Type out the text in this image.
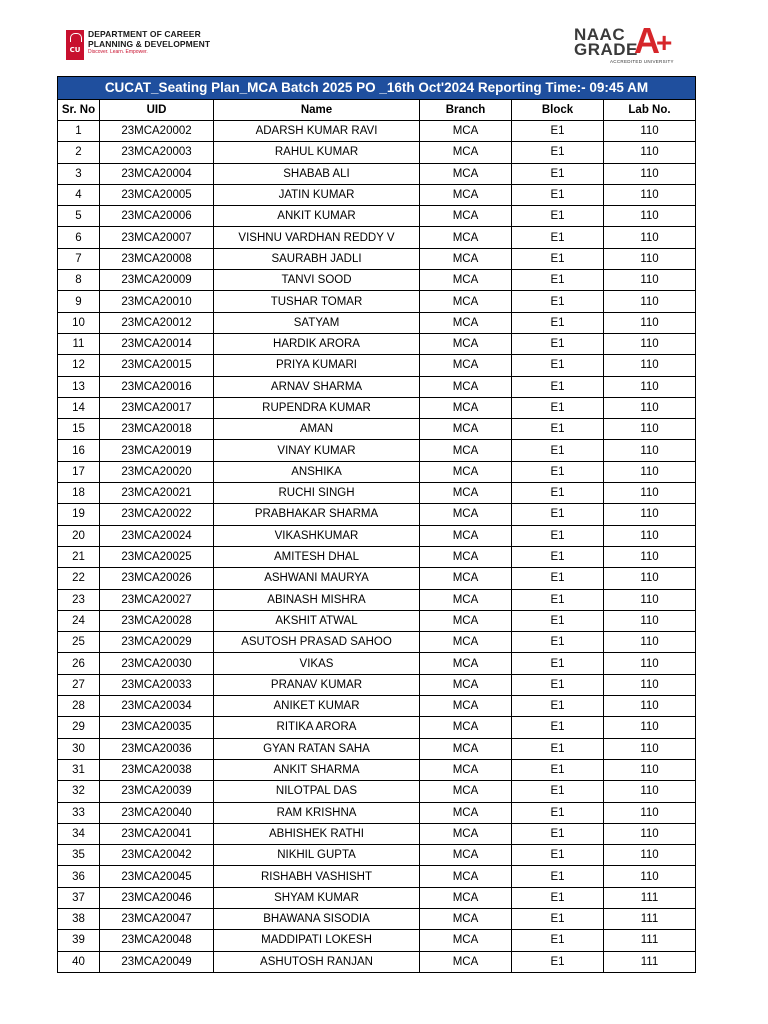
CU
DEPARTMENT OF CAREER
PLANNING & DEVELOPMENT
Discover. Learn. Empower.
NAAC
GRADE
A
+
ACCREDITED UNIVERSITY
CUCAT_Seating Plan_MCA Batch 2025 PO _16th Oct'2024 Reporting Time:- 09:45 AM					
Sr. No	UID	Name	Branch	Block	Lab No.
1	23MCA20002	ADARSH KUMAR RAVI	MCA	E1	110
2	23MCA20003	RAHUL KUMAR	MCA	E1	110
3	23MCA20004	SHABAB ALI	MCA	E1	110
4	23MCA20005	JATIN KUMAR	MCA	E1	110
5	23MCA20006	ANKIT KUMAR	MCA	E1	110
6	23MCA20007	VISHNU VARDHAN REDDY V	MCA	E1	110
7	23MCA20008	SAURABH JADLI	MCA	E1	110
8	23MCA20009	TANVI SOOD	MCA	E1	110
9	23MCA20010	TUSHAR TOMAR	MCA	E1	110
10	23MCA20012	SATYAM	MCA	E1	110
11	23MCA20014	HARDIK ARORA	MCA	E1	110
12	23MCA20015	PRIYA KUMARI	MCA	E1	110
13	23MCA20016	ARNAV SHARMA	MCA	E1	110
14	23MCA20017	RUPENDRA KUMAR	MCA	E1	110
15	23MCA20018	AMAN	MCA	E1	110
16	23MCA20019	VINAY KUMAR	MCA	E1	110
17	23MCA20020	ANSHIKA	MCA	E1	110
18	23MCA20021	RUCHI SINGH	MCA	E1	110
19	23MCA20022	PRABHAKAR SHARMA	MCA	E1	110
20	23MCA20024	VIKASHKUMAR	MCA	E1	110
21	23MCA20025	AMITESH DHAL	MCA	E1	110
22	23MCA20026	ASHWANI MAURYA	MCA	E1	110
23	23MCA20027	ABINASH MISHRA	MCA	E1	110
24	23MCA20028	AKSHIT ATWAL	MCA	E1	110
25	23MCA20029	ASUTOSH PRASAD SAHOO	MCA	E1	110
26	23MCA20030	VIKAS	MCA	E1	110
27	23MCA20033	PRANAV KUMAR	MCA	E1	110
28	23MCA20034	ANIKET KUMAR	MCA	E1	110
29	23MCA20035	RITIKA ARORA	MCA	E1	110
30	23MCA20036	GYAN RATAN SAHA	MCA	E1	110
31	23MCA20038	ANKIT SHARMA	MCA	E1	110
32	23MCA20039	NILOTPAL DAS	MCA	E1	110
33	23MCA20040	RAM KRISHNA	MCA	E1	110
34	23MCA20041	ABHISHEK RATHI	MCA	E1	110
35	23MCA20042	NIKHIL GUPTA	MCA	E1	110
36	23MCA20045	RISHABH VASHISHT	MCA	E1	110
37	23MCA20046	SHYAM KUMAR	MCA	E1	111
38	23MCA20047	BHAWANA SISODIA	MCA	E1	111
39	23MCA20048	MADDIPATI LOKESH	MCA	E1	111
40	23MCA20049	ASHUTOSH RANJAN	MCA	E1	111
